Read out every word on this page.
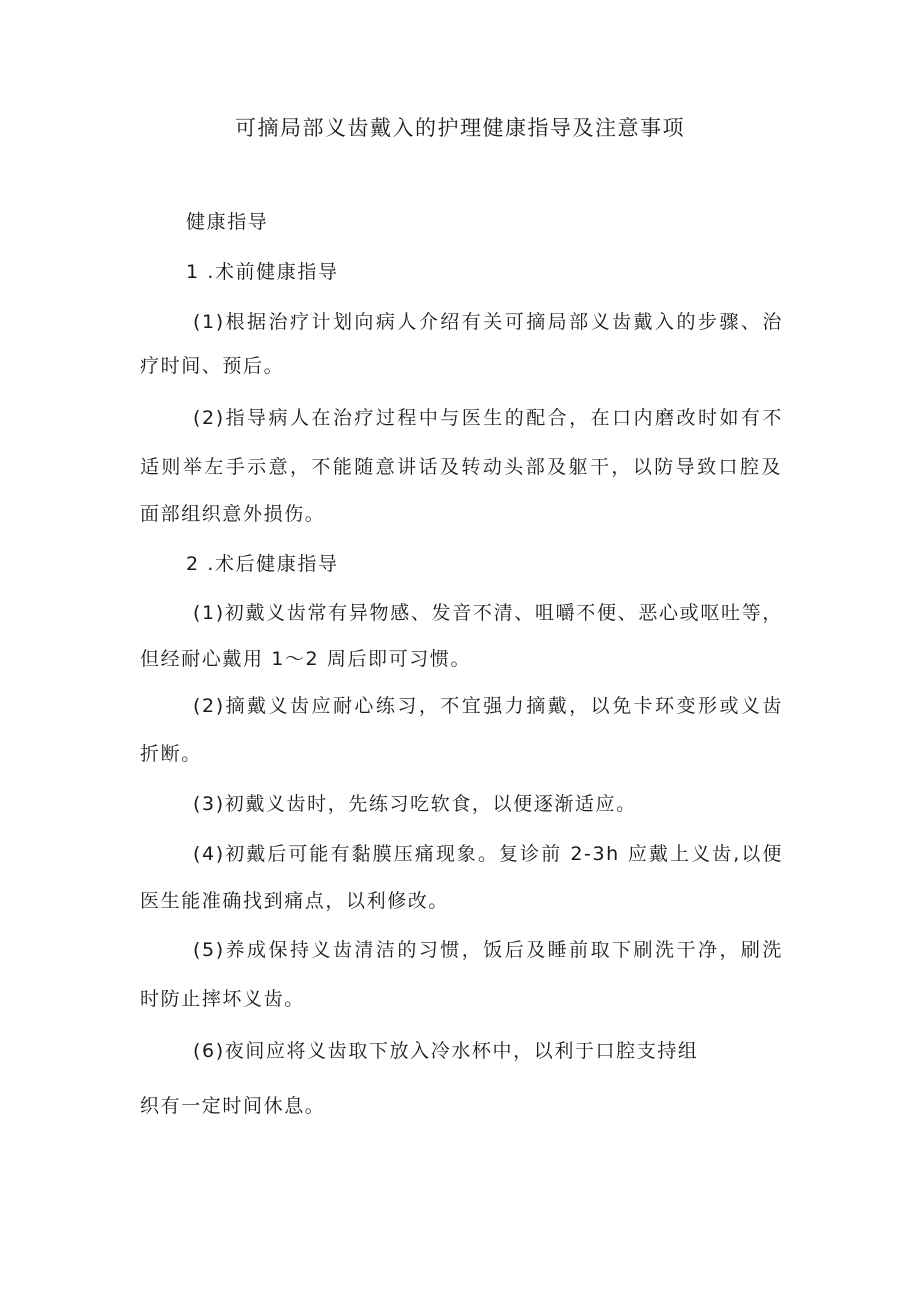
可摘局部义齿戴入的护理健康指导及注意事项
健康指导
1 .术前健康指导
(1)根据治疗计划向病人介绍有关可摘局部义齿戴入的步骤、治
疗时间、预后。
(2)指导病人在治疗过程中与医生的配合，在口内磨改时如有不
适则举左手示意，不能随意讲话及转动头部及躯干，以防导致口腔及
面部组织意外损伤。
2 .术后健康指导
(1)初戴义齿常有异物感、发音不清、咀嚼不便、恶心或呕吐等，
但经耐心戴用 1～2 周后即可习惯。
(2)摘戴义齿应耐心练习，不宜强力摘戴，以免卡环变形或义齿
折断。
(3)初戴义齿时，先练习吃软食，以便逐渐适应。
(4)初戴后可能有黏膜压痛现象。复诊前 2-3h 应戴上义齿,以便
医生能准确找到痛点，以利修改。
(5)养成保持义齿清洁的习惯，饭后及睡前取下刷洗干净，刷洗
时防止摔坏义齿。
(6)夜间应将义齿取下放入冷水杯中，以利于口腔支持组
织有一定时间休息。
